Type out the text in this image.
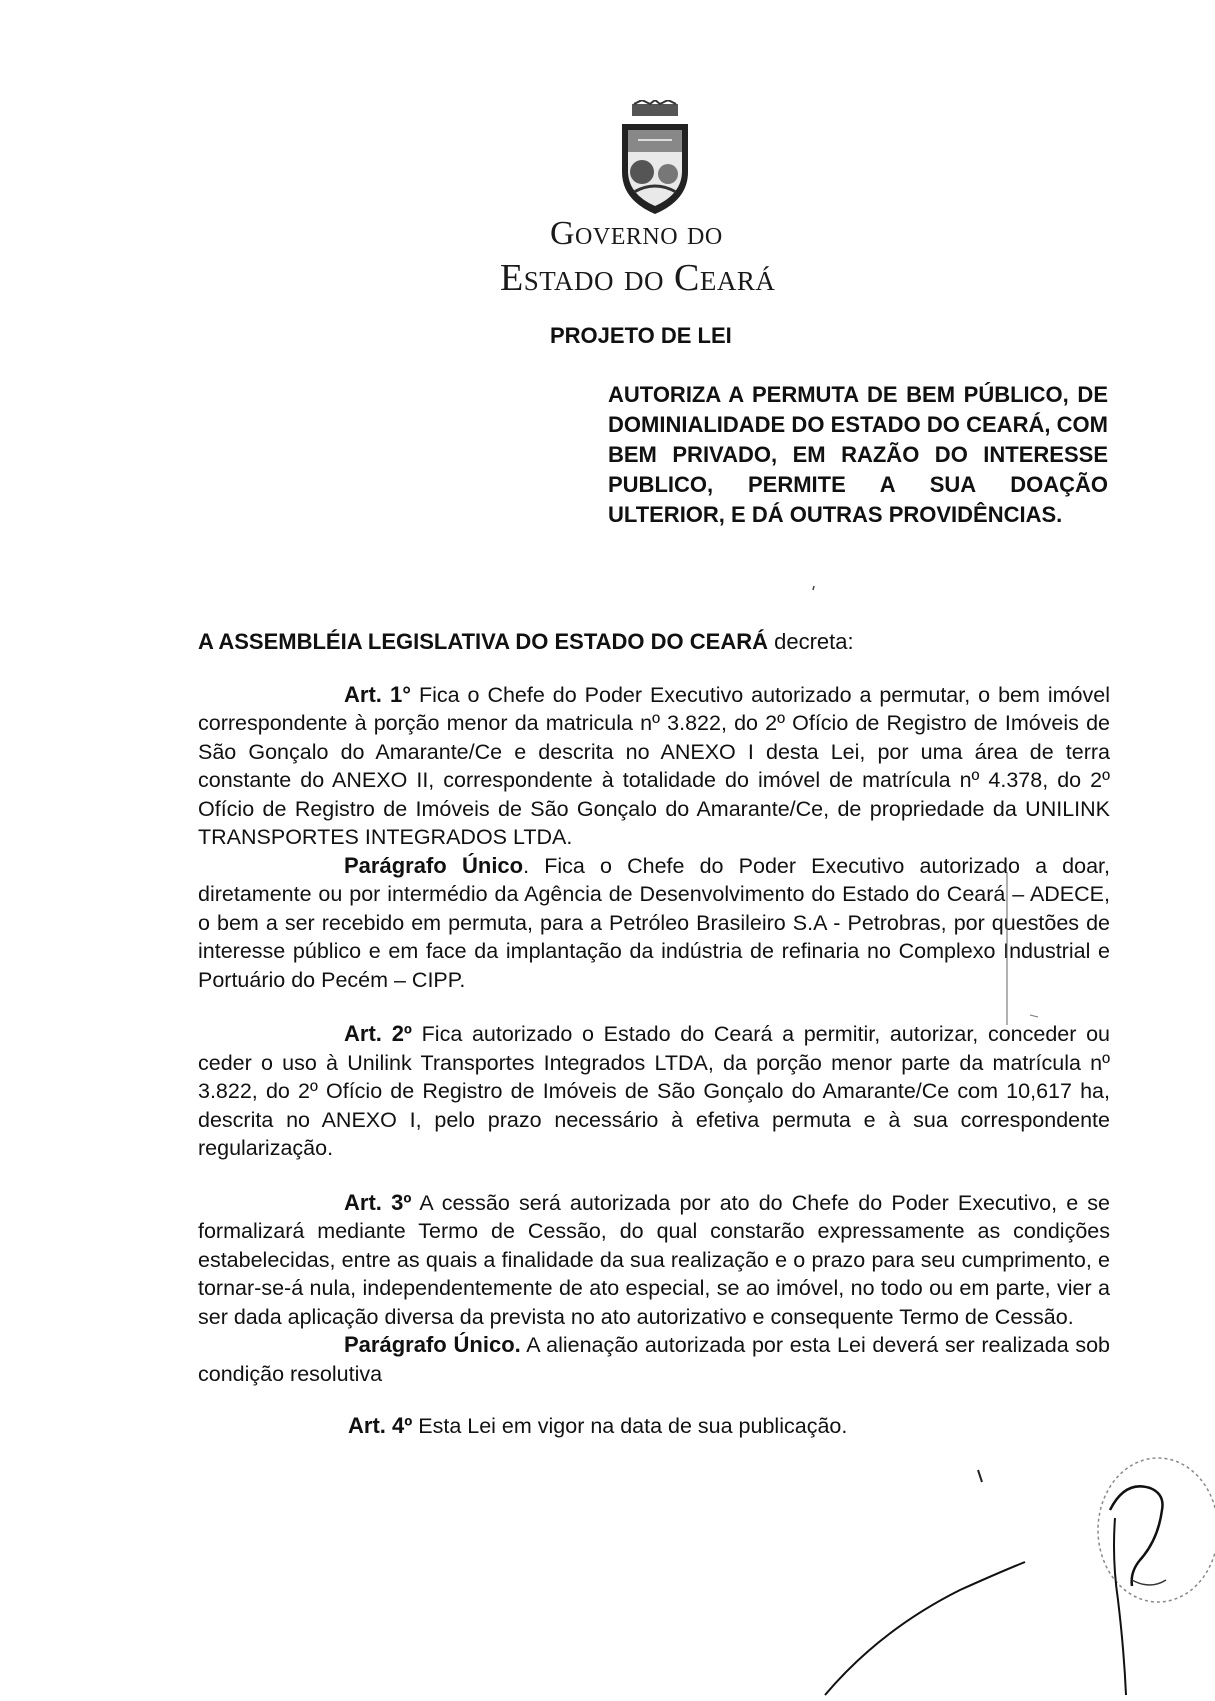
Governo do
Estado do Ceará
PROJETO DE LEI
AUTORIZA A PERMUTA DE BEM PÚBLICO, DE DOMINIALIDADE DO ESTADO DO CEARÁ, COM BEM PRIVADO, EM RAZÃO DO INTERESSE PUBLICO, PERMITE A SUA DOAÇÃO ULTERIOR, E DÁ OUTRAS PROVIDÊNCIAS.
A ASSEMBLÉIA LEGISLATIVA DO ESTADO DO CEARÁ decreta:

Art. 1° Fica o Chefe do Poder Executivo autorizado a permutar, o bem imóvel correspondente à porção menor da matricula nº 3.822, do 2º Ofício de Registro de Imóveis de São Gonçalo do Amarante/Ce e descrita no ANEXO I desta Lei, por uma área de terra constante do ANEXO II, correspondente à totalidade do imóvel de matrícula nº 4.378, do 2º Ofício de Registro de Imóveis de São Gonçalo do Amarante/Ce, de propriedade da UNILINK TRANSPORTES INTEGRADOS LTDA.

Parágrafo Único. Fica o Chefe do Poder Executivo autorizado a doar, diretamente ou por intermédio da Agência de Desenvolvimento do Estado do Ceará – ADECE, o bem a ser recebido em permuta, para a Petróleo Brasileiro S.A - Petrobras, por questões de interesse público e em face da implantação da indústria de refinaria no Complexo Industrial e Portuário do Pecém – CIPP.

Art. 2º Fica autorizado o Estado do Ceará a permitir, autorizar, conceder ou ceder o uso à Unilink Transportes Integrados LTDA, da porção menor parte da matrícula nº 3.822, do 2º Ofício de Registro de Imóveis de São Gonçalo do Amarante/Ce com 10,617 ha, descrita no ANEXO I, pelo prazo necessário à efetiva permuta e à sua correspondente regularização.

Art. 3º A cessão será autorizada por ato do Chefe do Poder Executivo, e se formalizará mediante Termo de Cessão, do qual constarão expressamente as condições estabelecidas, entre as quais a finalidade da sua realização e o prazo para seu cumprimento, e tornar-se-á nula, independentemente de ato especial, se ao imóvel, no todo ou em parte, vier a ser dada aplicação diversa da prevista no ato autorizativo e consequente Termo de Cessão.

Parágrafo Único. A alienação autorizada por esta Lei deverá ser realizada sob condição resolutiva

Art. 4º Esta Lei em vigor na data de sua publicação.
